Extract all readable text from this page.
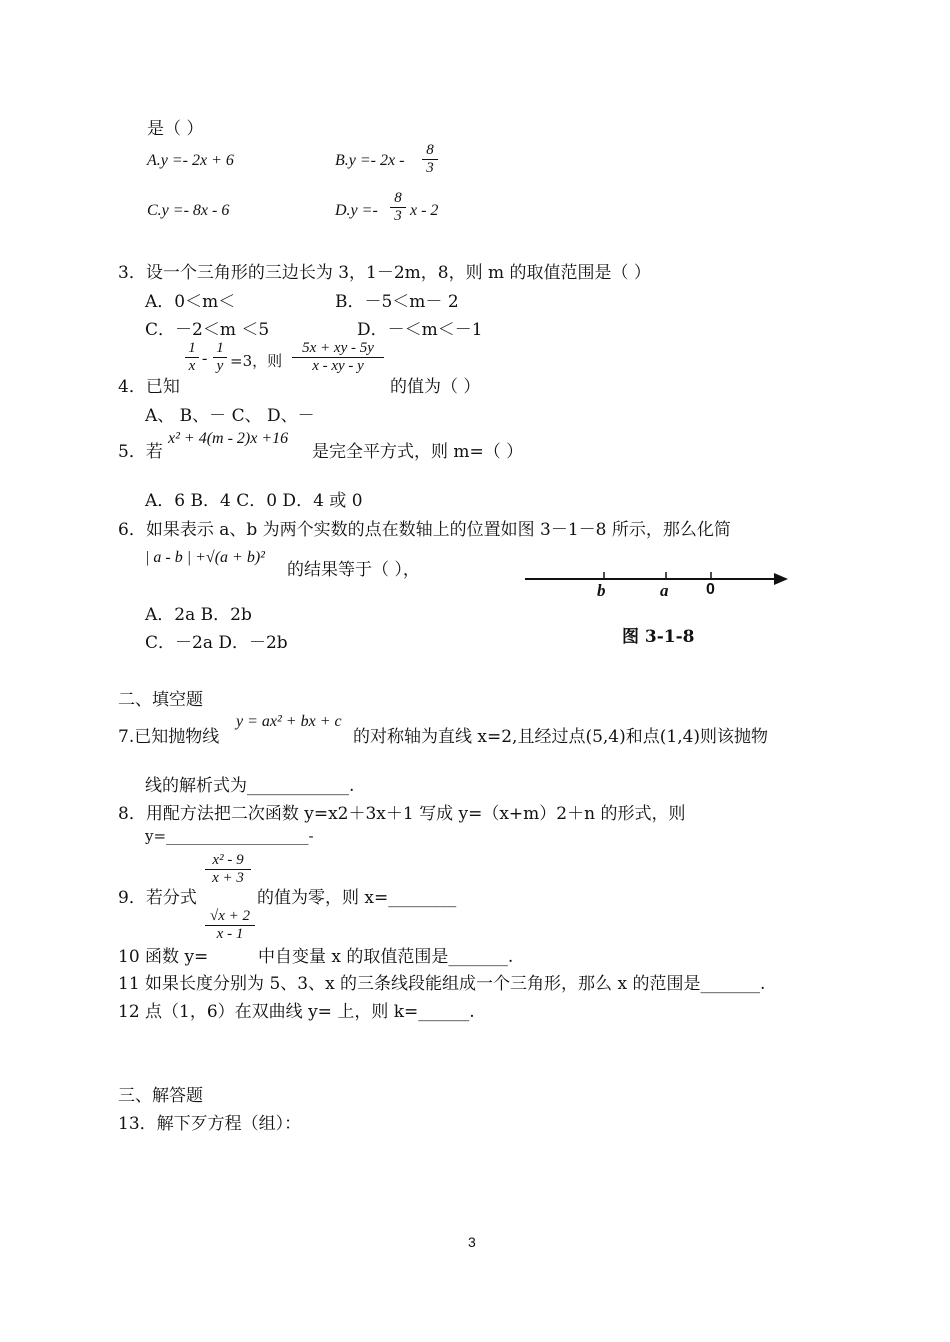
是（ ）
A.y =- 2x + 6	B.y =- 2x -
8
3
C.y =- 8x - 6	D.y =-
8
3 x - 2
3．设一个三角形的三边长为 3，1－2m，8，则 m 的取值范围是（ ）
A．0＜m＜	B．－5＜m－ 2
C．－2＜m ＜5	D．－＜m＜－1
1
x -
1
y =3，则
5x + xy - 5y
x - xy - y
4．已知	的值为（ ）
A、 B、－ C、 D、－
5．若
x² + 4(m - 2)x +16
是完全平方式，则 m=（ ）
A．6 B．4 C．0 D．4 或 0
6．如果表示 a、b 为两个实数的点在数轴上的位置如图 3－1－8 所示，那么化简
| a - b | +√(a + b)²
的结果等于（ ），
A．2a B．2b
C．－2a D．－2b
b	a 0
图 3-1-8
二、填空题
7.已知抛物线
y = ax² + bx + c
的对称轴为直线 x=2,且经过点(5,4)和点(1,4)则该抛物
线的解析式为____________.
8．用配方法把二次函数 y=x2＋3x＋1 写成 y=（x+m）2＋n 的形式，则
y=___________________-
x² - 9
x + 3
9．若分式	的值为零，则 x=________
√x + 2
x - 1
10 函数 y=	中自变量 x 的取值范围是_______.
11 如果长度分别为 5、3、x 的三条线段能组成一个三角形，那么 x 的范围是_______.
12 点（1，6）在双曲线 y= 上，则 k=______.
三、解答题
13．解下歹方程（组）：
3
